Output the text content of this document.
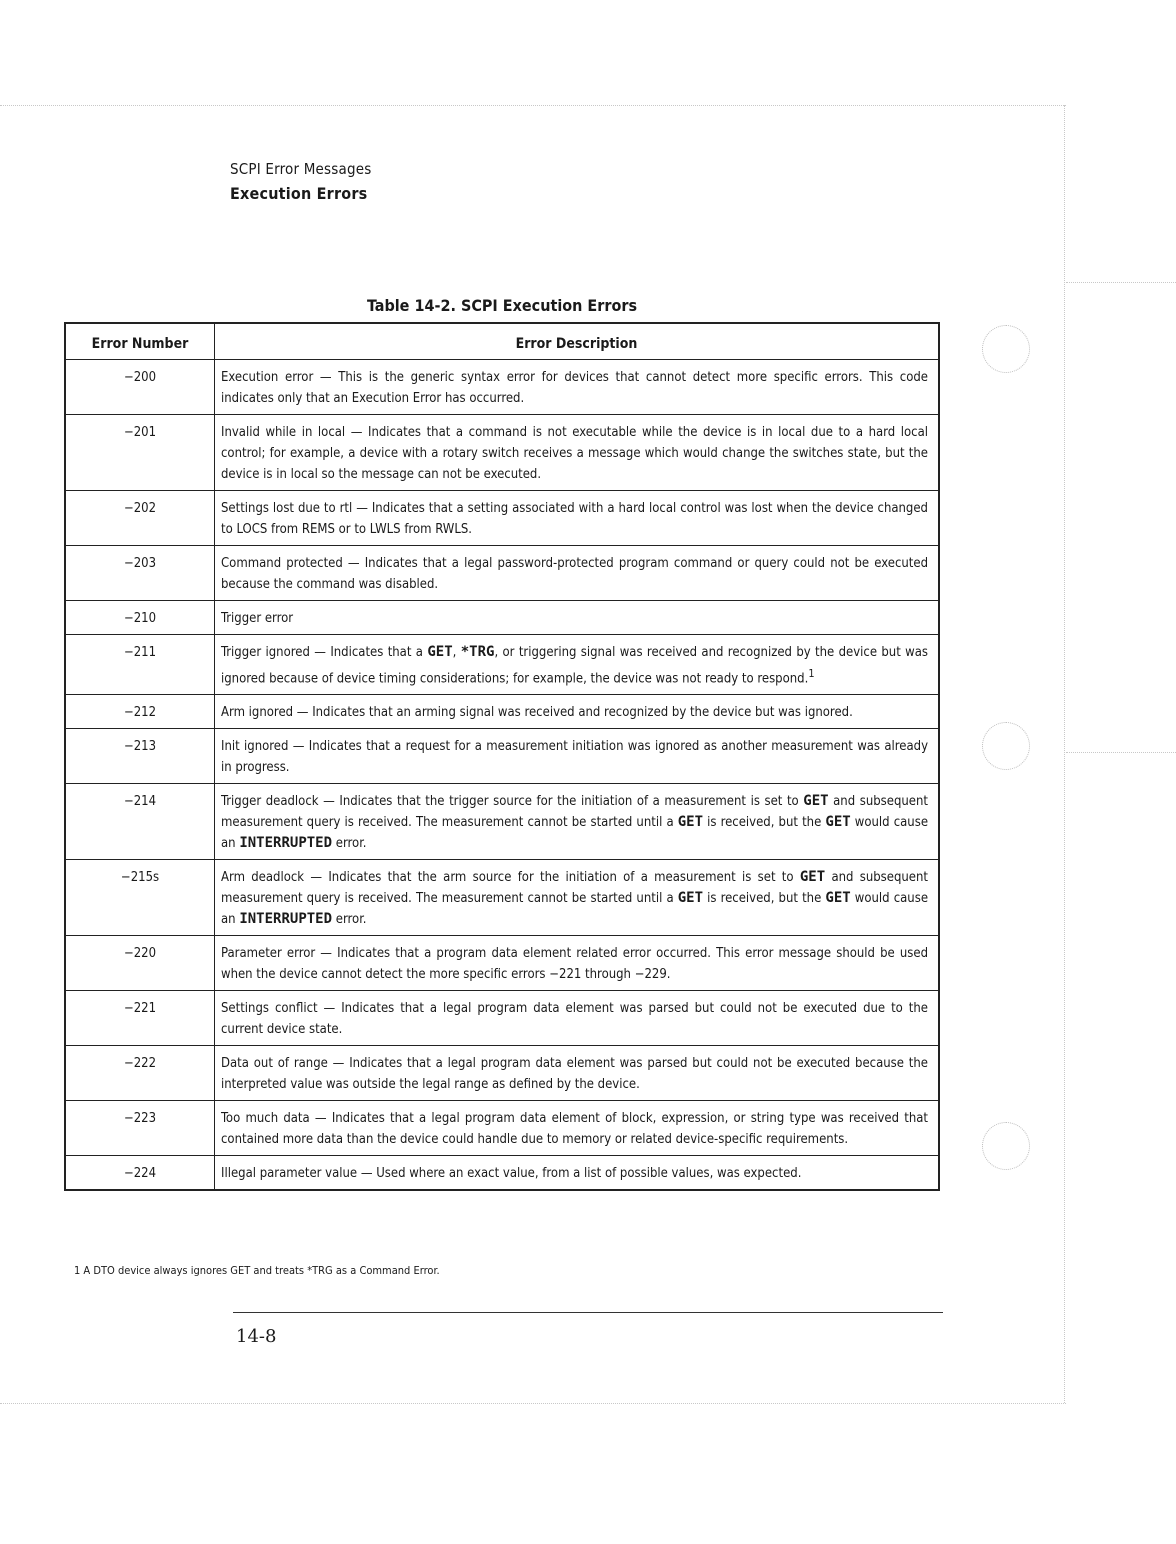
SCPI Error Messages
Execution Errors
Table 14-2. SCPI Execution Errors
Error Number	Error Description
−200	Execution error — This is the generic syntax error for devices that cannot detect more specific errors. This code indicates only that an Execution Error has occurred.
−201	Invalid while in local — Indicates that a command is not executable while the device is in local due to a hard local control; for example, a device with a rotary switch receives a message which would change the switches state, but the device is in local so the message can not be executed.
−202	Settings lost due to rtl — Indicates that a setting associated with a hard local control was lost when the device changed to LOCS from REMS or to LWLS from RWLS.
−203	Command protected — Indicates that a legal password-protected program command or query could not be executed because the command was disabled.
−210	Trigger error
−211	Trigger ignored — Indicates that a GET, *TRG, or triggering signal was received and recognized by the device but was ignored because of device timing considerations; for example, the device was not ready to respond.$^1$
−212	Arm ignored — Indicates that an arming signal was received and recognized by the device but was ignored.
−213	Init ignored — Indicates that a request for a measurement initiation was ignored as another measurement was already in progress.
−214	Trigger deadlock — Indicates that the trigger source for the initiation of a measurement is set to GET and subsequent measurement query is received. The measurement cannot be started until a GET is received, but the GET would cause an INTERRUPTED error.
−215s	Arm deadlock — Indicates that the arm source for the initiation of a measurement is set to GET and subsequent measurement query is received. The measurement cannot be started until a GET is received, but the GET would cause an INTERRUPTED error.
−220	Parameter error — Indicates that a program data element related error occurred. This error message should be used when the device cannot detect the more specific errors −221 through −229.
−221	Settings conflict — Indicates that a legal program data element was parsed but could not be executed due to the current device state.
−222	Data out of range — Indicates that a legal program data element was parsed but could not be executed because the interpreted value was outside the legal range as defined by the device.
−223	Too much data — Indicates that a legal program data element of block, expression, or string type was received that contained more data than the device could handle due to memory or related device-specific requirements.
−224	Illegal parameter value — Used where an exact value, from a list of possible values, was expected.
1 A DTO device always ignores GET and treats *TRG as a Command Error.
14-8
